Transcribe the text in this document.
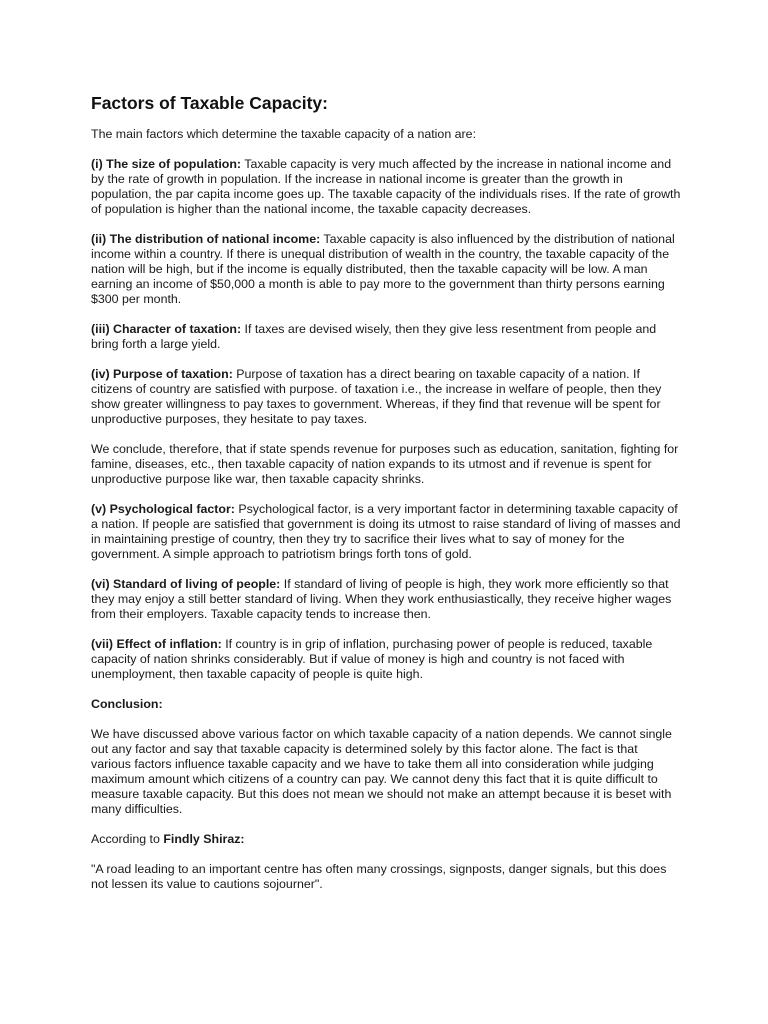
Factors of Taxable Capacity:

The main factors which determine the taxable capacity of a nation are:

(i) The size of population: Taxable capacity is very much affected by the increase in national income and by the rate of growth in population. If the increase in national income is greater than the growth in population, the par capita income goes up. The taxable capacity of the individuals rises. If the rate of growth of population is higher than the national income, the taxable capacity decreases.

(ii) The distribution of national income: Taxable capacity is also influenced by the distribution of national income within a country. If there is unequal distribution of wealth in the country, the taxable capacity of the nation will be high, but if the income is equally distributed, then the taxable capacity will be low. A man earning an income of $50,000 a month is able to pay more to the government than thirty persons earning $300 per month.

(iii) Character of taxation: If taxes are devised wisely, then they give less resentment from people and bring forth a large yield.

(iv) Purpose of taxation: Purpose of taxation has a direct bearing on taxable capacity of a nation. If citizens of country are satisfied with purpose. of taxation i.e., the increase in welfare of people, then they show greater willingness to pay taxes to government. Whereas, if they find that revenue will be spent for unproductive purposes, they hesitate to pay taxes.

We conclude, therefore, that if state spends revenue for purposes such as education, sanitation, fighting for famine, diseases, etc., then taxable capacity of nation expands to its utmost and if revenue is spent for unproductive purpose like war, then taxable capacity shrinks.

(v) Psychological factor: Psychological factor, is a very important factor in determining taxable capacity of a nation. If people are satisfied that government is doing its utmost to raise standard of living of masses and in maintaining prestige of country, then they try to sacrifice their lives what to say of money for the government. A simple approach to patriotism brings forth tons of gold.

(vi) Standard of living of people: If standard of living of people is high, they work more efficiently so that they may enjoy a still better standard of living. When they work enthusiastically, they receive higher wages from their employers. Taxable capacity tends to increase then.

(vii) Effect of inflation: If country is in grip of inflation, purchasing power of people is reduced, taxable capacity of nation shrinks considerably. But if value of money is high and country is not faced with unemployment, then taxable capacity of people is quite high.

Conclusion:

We have discussed above various factor on which taxable capacity of a nation depends. We cannot single out any factor and say that taxable capacity is determined solely by this factor alone. The fact is that various factors influence taxable capacity and we have to take them all into consideration while judging maximum amount which citizens of a country can pay. We cannot deny this fact that it is quite difficult to measure taxable capacity. But this does not mean we should not make an attempt because it is beset with many difficulties.

According to Findly Shiraz:

"A road leading to an important centre has often many crossings, signposts, danger signals, but this does not lessen its value to cautions sojourner".
